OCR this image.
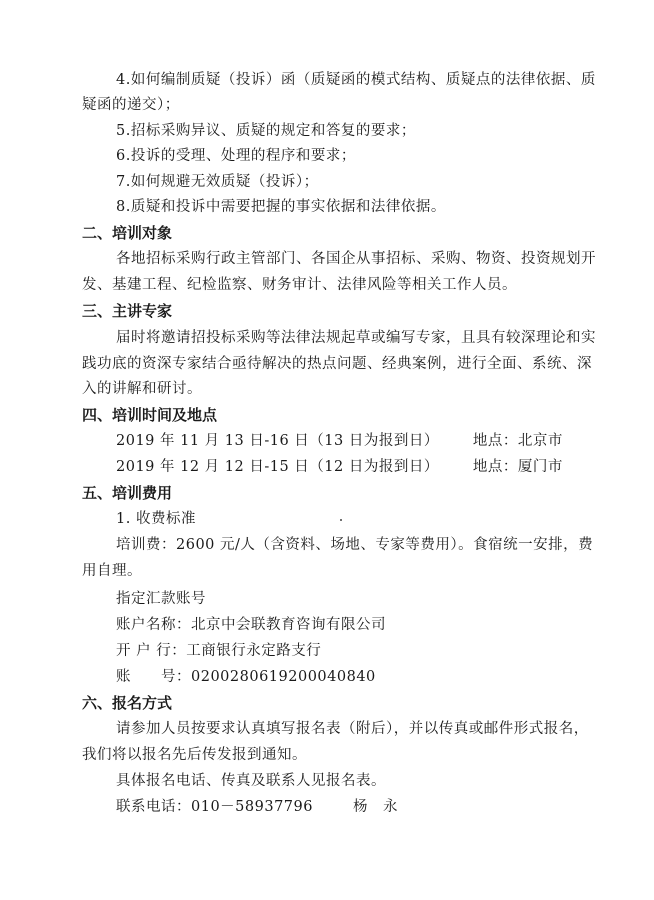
4.如何编制质疑（投诉）函（质疑函的模式结构、质疑点的法律依据、质
疑函的递交）；
5.招标采购异议、质疑的规定和答复的要求；
6.投诉的受理、处理的程序和要求；
7.如何规避无效质疑（投诉）；
8.质疑和投诉中需要把握的事实依据和法律依据。
二、培训对象
各地招标采购行政主管部门、各国企从事招标、采购、物资、投资规划开
发、基建工程、纪检监察、财务审计、法律风险等相关工作人员。
三、主讲专家
届时将邀请招投标采购等法律法规起草或编写专家，且具有较深理论和实
践功底的资深专家结合亟待解决的热点问题、经典案例，进行全面、系统、深
入的讲解和研讨。
四、培训时间及地点
2019 年 11 月 13 日-16 日（13 日为报到日） 地点：北京市
2019 年 12 月 12 日-15 日（12 日为报到日） 地点：厦门市
五、培训费用
1. 收费标准
培训费：2600 元/人（含资料、场地、专家等费用）。食宿统一安排，费
用自理。
指定汇款账号
账户名称：北京中会联教育咨询有限公司
开 户 行：工商银行永定路支行
账　　号：0200280619200040840
六、报名方式
请参加人员按要求认真填写报名表（附后），并以传真或邮件形式报名，
我们将以报名先后传发报到通知。
具体报名电话、传真及联系人见报名表。
联系电话：010－58937796	杨　永
